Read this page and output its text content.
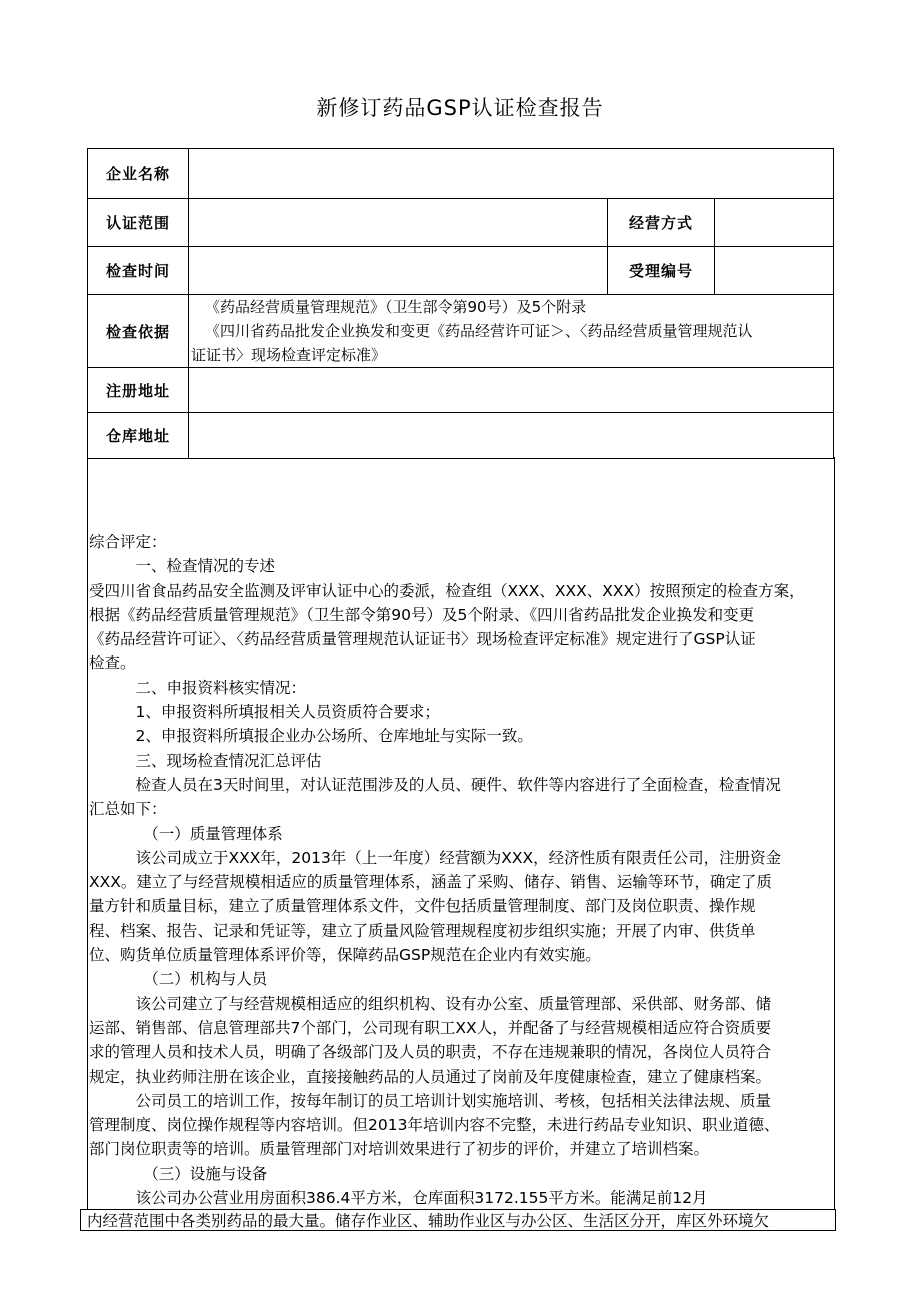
新修订药品GSP认证检查报告
企业名称			
认证范围		经营方式	
检查时间		受理编号	
检查依据	《药品经营质量管理规范》（卫生部令第90号）及5个附录
《四川省药品批发企业换发和变更《药品经营许可证＞、〈药品经营质量管理规范认
证证书〉现场检查评定标准》		

注册地址			
仓库地址			
综合评定：
　　　一、检查情况的专述
受四川省食品药品安全监测及评审认证中心的委派，检查组（XXX、XXX、XXX）按照预定的检查方案，
根据《药品经营质量管理规范》（卫生部令第90号）及5个附录、《四川省药品批发企业换发和变更
《药品经营许可证〉、〈药品经营质量管理规范认证证书〉现场检查评定标准》规定进行了GSP认证
检查。
　　　二、申报资料核实情况：
　　　1、申报资料所填报相关人员资质符合要求；
　　　2、申报资料所填报企业办公场所、仓库地址与实际一致。
　　　三、现场检查情况汇总评估
　　　检查人员在3天时间里，对认证范围涉及的人员、硬件、软件等内容进行了全面检查，检查情况
汇总如下：
　　　　（一）质量管理体系
　　　该公司成立于XXX年，2013年（上一年度）经营额为XXX，经济性质有限责任公司，注册资金
XXX。建立了与经营规模相适应的质量管理体系，涵盖了采购、储存、销售、运输等环节，确定了质
量方针和质量目标，建立了质量管理体系文件，文件包括质量管理制度、部门及岗位职责、操作规
程、档案、报告、记录和凭证等，建立了质量风险管理规程度初步组织实施；开展了内审、供货单
位、购货单位质量管理体系评价等，保障药品GSP规范在企业内有效实施。
　　　　（二）机构与人员
　　　该公司建立了与经营规模相适应的组织机构、设有办公室、质量管理部、采供部、财务部、储
运部、销售部、信息管理部共7个部门，公司现有职工XX人，并配备了与经营规模相适应符合资质要
求的管理人员和技术人员，明确了各级部门及人员的职责，不存在违规兼职的情况，各岗位人员符合
规定，执业药师注册在该企业，直接接触药品的人员通过了岗前及年度健康检查，建立了健康档案。
　　　公司员工的培训工作，按每年制订的员工培训计划实施培训、考核，包括相关法律法规、质量
管理制度、岗位操作规程等内容培训。但2013年培训内容不完整，未进行药品专业知识、职业道德、
部门岗位职责等的培训。质量管理部门对培训效果进行了初步的评价，并建立了培训档案。
　　　　（三）设施与设备
　　　该公司办公营业用房面积386.4平方米，仓库面积3172.155平方米。能满足前12月
内经营范围中各类别药品的最大量。储存作业区、辅助作业区与办公区、生活区分开，库区外环境欠
